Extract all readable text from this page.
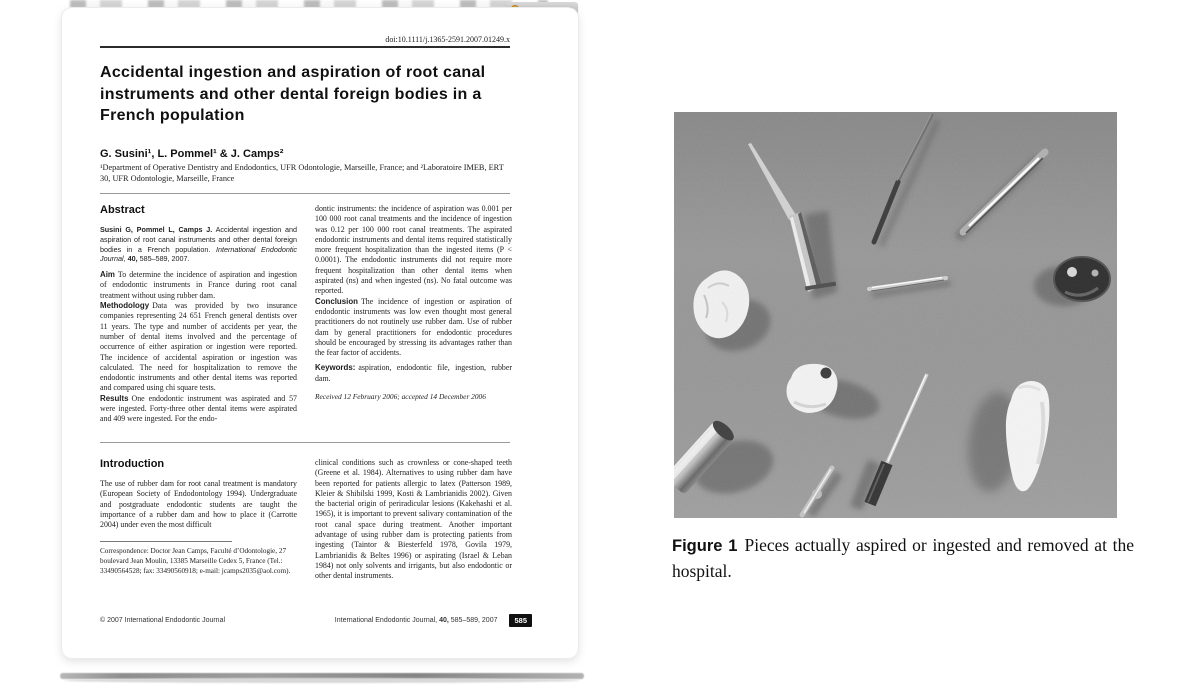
doi:10.1111/j.1365-2591.2007.01249.x
Accidental ingestion and aspiration of root canal instruments and other dental foreign bodies in a French population
G. Susini¹, L. Pommel¹ & J. Camps²
¹Department of Operative Dentistry and Endodontics, UFR Odontologie, Marseille, France; and ²Laboratoire IMEB, ERT 30, UFR Odontologie, Marseille, France
Abstract

Susini G, Pommel L, Camps J. Accidental ingestion and aspiration of root canal instruments and other dental foreign bodies in a French population. International Endodontic Journal, 40, 585–589, 2007.

Aim To determine the incidence of aspiration and ingestion of endodontic instruments in France during root canal treatment without using rubber dam.

Methodology Data was provided by two insurance companies representing 24 651 French general dentists over 11 years. The type and number of accidents per year, the number of dental items involved and the percentage of occurrence of either aspiration or ingestion were reported. The incidence of accidental aspiration or ingestion was calculated. The need for hospitalization to remove the endodontic instruments and other dental items was reported and compared using chi square tests.

Results One endodontic instrument was aspirated and 57 were ingested. Forty-three other dental items were aspirated and 409 were ingested. For the endo-

dontic instruments: the incidence of aspiration was 0.001 per 100 000 root canal treatments and the incidence of ingestion was 0.12 per 100 000 root canal treatments. The aspirated endodontic instruments and dental items required statistically more frequent hospitalization than the ingested items (P < 0.0001). The endodontic instruments did not require more frequent hospitalization than other dental items when aspirated (ns) and when ingested (ns). No fatal outcome was reported.

Conclusion The incidence of ingestion or aspiration of endodontic instruments was low even thought most general practitioners do not routinely use rubber dam. Use of rubber dam by general practitioners for endodontic procedures should be encouraged by stressing its advantages rather than the fear factor of accidents.

Keywords: aspiration, endodontic file, ingestion, rubber dam.

Received 12 February 2006; accepted 14 December 2006

Introduction

The use of rubber dam for root canal treatment is mandatory (European Society of Endodontology 1994). Undergraduate and postgraduate endodontic students are taught the importance of a rubber dam and how to place it (Carrotte 2004) under even the most difficult

Correspondence: Doctor Jean Camps, Faculté d’Odontologie, 27 boulevard Jean Moulin, 13385 Marseille Cedex 5, France (Tel.: 33490564528; fax: 33490560918; e-mail: jcamps2035@aol.com).

clinical conditions such as crownless or cone-shaped teeth (Greene et al. 1984). Alternatives to using rubber dam have been reported for patients allergic to latex (Patterson 1989, Kleier & Shibilski 1999, Kosti & Lambrianidis 2002). Given the bacterial origin of periradicular lesions (Kakehashi et al. 1965), it is important to prevent salivary contamination of the root canal space during treatment. Another important advantage of using rubber dam is protecting patients from ingesting (Taintor & Biesterfeld 1978, Govila 1979, Lambrianidis & Beltes 1996) or aspirating (Israel & Leban 1984) not only solvents and irrigants, but also endodontic or other dental instruments.

© 2007 International Endodontic Journal	International Endodontic Journal, 40, 585–589, 2007	585
Figure 1 Pieces actually aspired or ingested and removed at the hospital.
